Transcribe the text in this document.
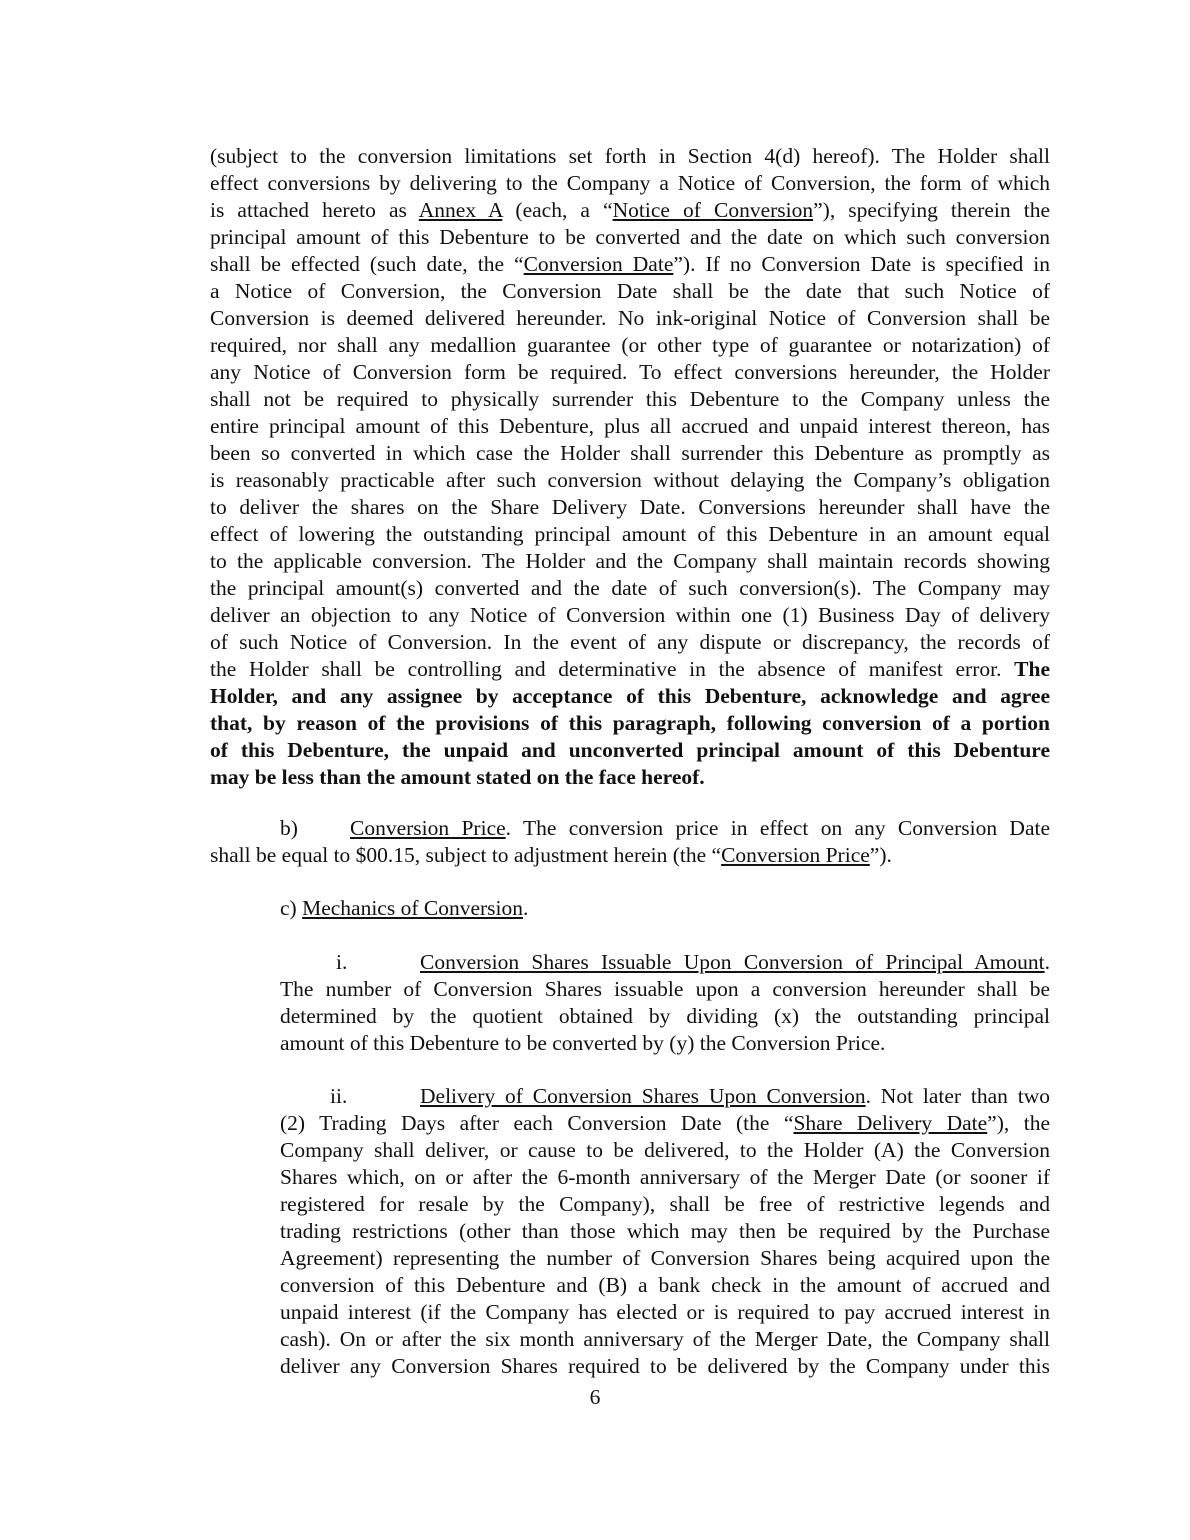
(subject to the conversion limitations set forth in Section 4(d) hereof). The Holder shall
effect conversions by delivering to the Company a Notice of Conversion, the form of which
is attached hereto as Annex A (each, a “Notice of Conversion”), specifying therein the
principal amount of this Debenture to be converted and the date on which such conversion
shall be effected (such date, the “Conversion Date”). If no Conversion Date is specified in
a Notice of Conversion, the Conversion Date shall be the date that such Notice of
Conversion is deemed delivered hereunder. No ink-original Notice of Conversion shall be
required, nor shall any medallion guarantee (or other type of guarantee or notarization) of
any Notice of Conversion form be required. To effect conversions hereunder, the Holder
shall not be required to physically surrender this Debenture to the Company unless the
entire principal amount of this Debenture, plus all accrued and unpaid interest thereon, has
been so converted in which case the Holder shall surrender this Debenture as promptly as
is reasonably practicable after such conversion without delaying the Company’s obligation
to deliver the shares on the Share Delivery Date. Conversions hereunder shall have the
effect of lowering the outstanding principal amount of this Debenture in an amount equal
to the applicable conversion. The Holder and the Company shall maintain records showing
the principal amount(s) converted and the date of such conversion(s). The Company may
deliver an objection to any Notice of Conversion within one (1) Business Day of delivery
of such Notice of Conversion. In the event of any dispute or discrepancy, the records of
the Holder shall be controlling and determinative in the absence of manifest error. The
Holder, and any assignee by acceptance of this Debenture, acknowledge and agree
that, by reason of the provisions of this paragraph, following conversion of a portion
of this Debenture, the unpaid and unconverted principal amount of this Debenture
may be less than the amount stated on the face hereof.
b)	Conversion Price. The conversion price in effect on any Conversion Date
shall be equal to $00.15, subject to adjustment herein (the “Conversion Price”).
c) Mechanics of Conversion.
i.	Conversion Shares Issuable Upon Conversion of Principal Amount.
The number of Conversion Shares issuable upon a conversion hereunder shall be
determined by the quotient obtained by dividing (x) the outstanding principal
amount of this Debenture to be converted by (y) the Conversion Price.
ii.	Delivery of Conversion Shares Upon Conversion. Not later than two
(2) Trading Days after each Conversion Date (the “Share Delivery Date”), the
Company shall deliver, or cause to be delivered, to the Holder (A) the Conversion
Shares which, on or after the 6-month anniversary of the Merger Date (or sooner if
registered for resale by the Company), shall be free of restrictive legends and
trading restrictions (other than those which may then be required by the Purchase
Agreement) representing the number of Conversion Shares being acquired upon the
conversion of this Debenture and (B) a bank check in the amount of accrued and
unpaid interest (if the Company has elected or is required to pay accrued interest in
cash). On or after the six month anniversary of the Merger Date, the Company shall
deliver any Conversion Shares required to be delivered by the Company under this
6
